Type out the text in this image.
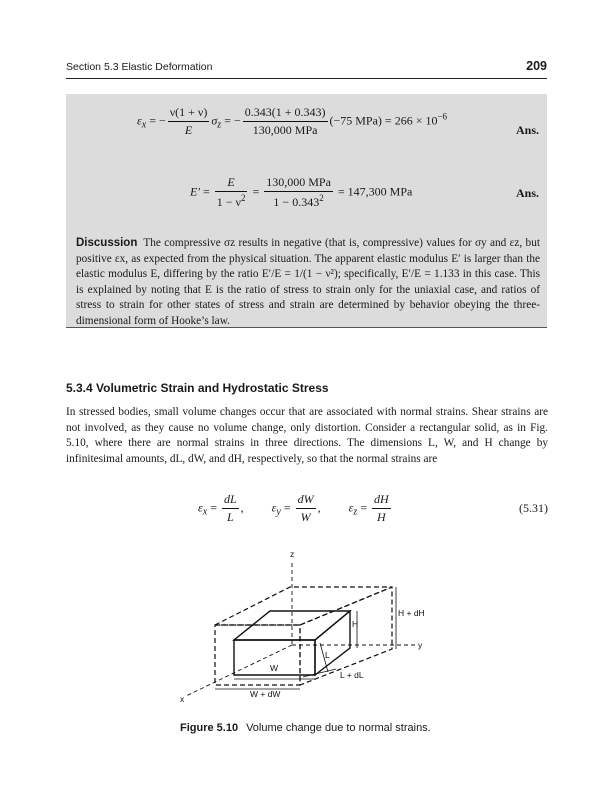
Section 5.3 Elastic Deformation	209
$\varepsilon_x$ = − $\frac{\nu(1 + \nu)}{E} \sigma_z$ = − $\frac{0.343(1 + 0.343)}{\text{130,000 MPa}} (-75$ $MPa) = 266 \times 10^{-6}$
Ans.
$E' = \frac{E}{1 - \nu^2} = \frac{\text{130,000 MPa}}{1 - 0.343^2} = 147,300$ MPa	Ans.
Discussion The compressive σz results in negative (that is, compressive) values for σy and εz, but positive εx, as expected from the physical situation. The apparent elastic modulus E′ is larger than the elastic modulus E, differing by the ratio E′/E = 1/(1 − ν²); specifically, E′/E = 1.133 in this case. This is explained by noting that E is the ratio of stress to strain only for the uniaxial case, and ratios of stress to strain for other states of stress and strain are determined by behavior obeying the three-dimensional form of Hooke’s law.
5.3.4 Volumetric Strain and Hydrostatic Stress
In stressed bodies, small volume changes occur that are associated with normal strains. Shear strains are not involved, as they cause no volume change, only distortion. Consider a rectangular solid, as in Fig. 5.10, where there are normal strains in three directions. The dimensions L, W, and H change by infinitesimal amounts, dL, dW, and dH, respectively, so that the normal strains are
$\varepsilon_x = \frac{dL}{L}$ ,  $\varepsilon_y = \frac{dW}{W}$ ,  $\varepsilon_z = \frac{dH}{H}$	(5.31)
z
y
x
H
H + dH
L
L + dL
W
W + dW
Figure 5.10 Volume change due to normal strains.
